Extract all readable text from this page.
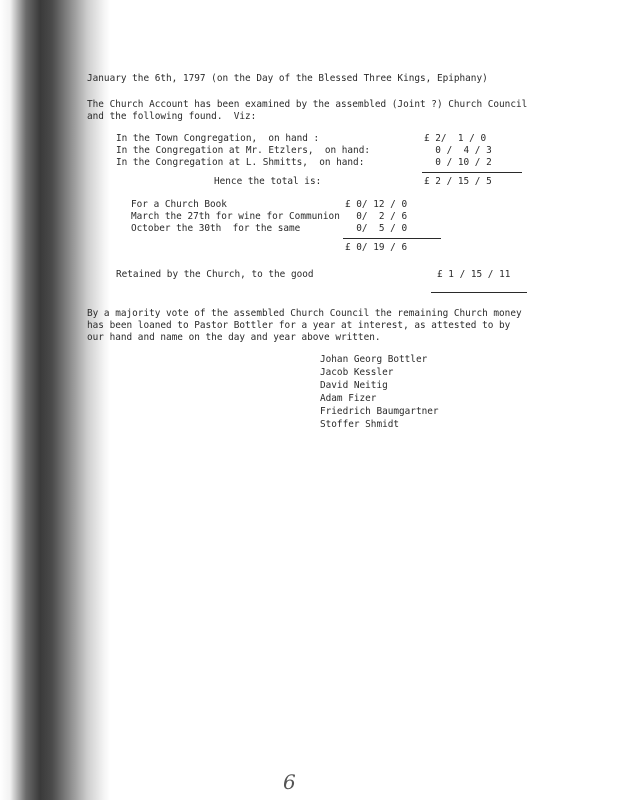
January the 6th, 1797 (on the Day of the Blessed Three Kings, Epiphany)
The Church Account has been examined by the assembled (Joint ?) Church Council
and the following found.  Viz:
In the Town Congregation,  on hand :	£ 2/  1 / 0
In the Congregation at Mr. Etzlers,  on hand:	0 /  4 / 3
In the Congregation at L. Shmitts,  on hand:	0 / 10 / 2
Hence the total is:	£ 2 / 15 / 5
For a Church Book	£ 0/ 12 / 0
March the 27th for wine for Communion 0/  2 / 6
October the 30th  for the same	0/  5 / 0
£ 0/ 19 / 6
Retained by the Church, to the good	£ 1 / 15 / 11
By a majority vote of the assembled Church Council the remaining Church money
has been loaned to Pastor Bottler for a year at interest, as attested to by
our hand and name on the day and year above written.
Johan Georg Bottler
Jacob Kessler
David Neitig
Adam Fizer
Friedrich Baumgartner
Stoffer Shmidt
6
